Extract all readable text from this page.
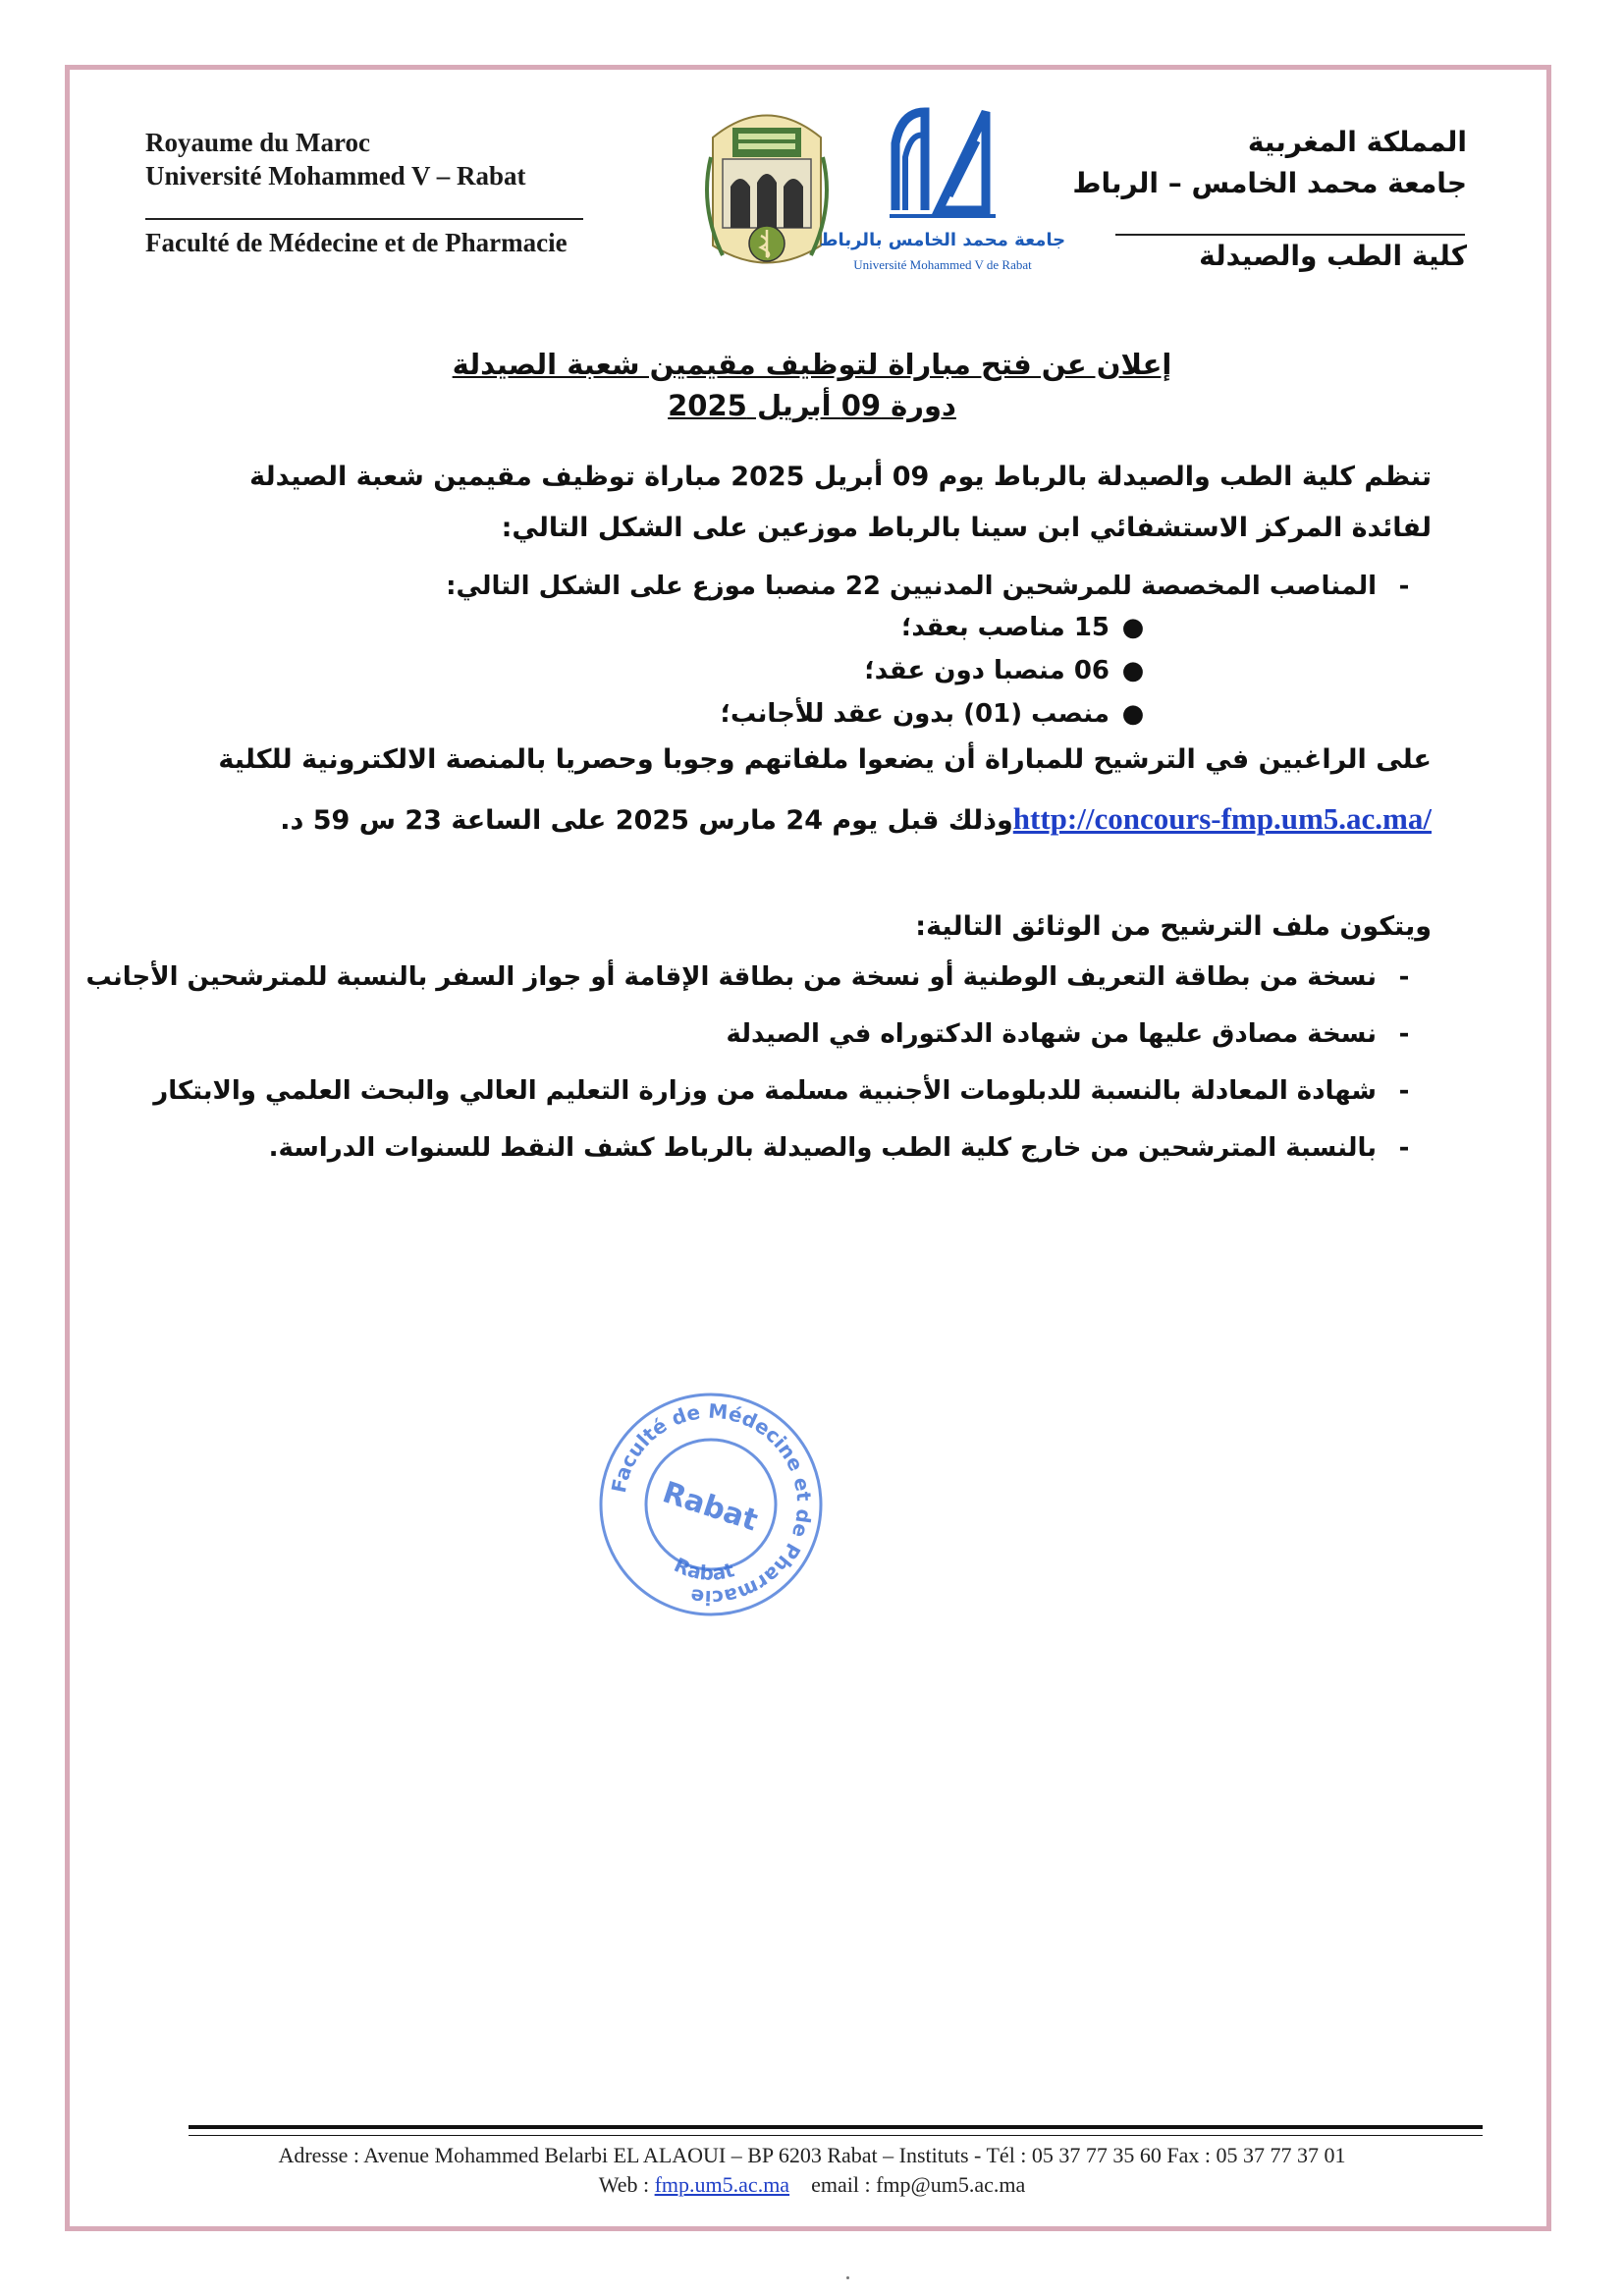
Royaume du Maroc
Université Mohammed V – Rabat
Faculté de Médecine et de Pharmacie
المملكة المغربية
جامعة محمد الخامس – الرباط
كلية الطب والصيدلة
جامعة محمد الخامس بالرباط
Université Mohammed V de Rabat
إعلان عن فتح مباراة لتوظيف مقيمين شعبة الصيدلة
دورة 09 أبريل 2025
تنظم كلية الطب والصيدلة بالرباط يوم 09 أبريل 2025 مباراة توظيف مقيمين شعبة الصيدلة لفائدة المركز الاستشفائي ابن سينا بالرباط موزعين على الشكل التالي:
-المناصب المخصصة للمرشحين المدنيين 22 منصبا موزع على الشكل التالي:
●15 مناصب بعقد؛
●06 منصبا دون عقد؛
●منصب (01) بدون عقد للأجانب؛
على الراغبين في الترشيح للمباراة أن يضعوا ملفاتهم وجوبا وحصريا بالمنصة الالكترونية للكلية
http://concours-fmp.um5.ac.ma/وذلك قبل يوم 24 مارس 2025 على الساعة 23 س 59 د.
ويتكون ملف الترشيح من الوثائق التالية:
-نسخة من بطاقة التعريف الوطنية أو نسخة من بطاقة الإقامة أو جواز السفر بالنسبة للمترشحين الأجانب
-نسخة مصادق عليها من شهادة الدكتوراه في الصيدلة
-شهادة المعادلة بالنسبة للدبلومات الأجنبية مسلمة من وزارة التعليم العالي والبحث العلمي والابتكار
-بالنسبة المترشحين من خارج كلية الطب والصيدلة بالرباط كشف النقط للسنوات الدراسة.
Faculté de Médecine et de Pharmacie
Rabat
Rabat
Adresse : Avenue Mohammed Belarbi EL ALAOUI – BP 6203 Rabat – Instituts - Tél : 05 37 77 35 60 Fax : 05 37 77 37 01
Web : fmp.um5.ac.ma email : fmp@um5.ac.ma
